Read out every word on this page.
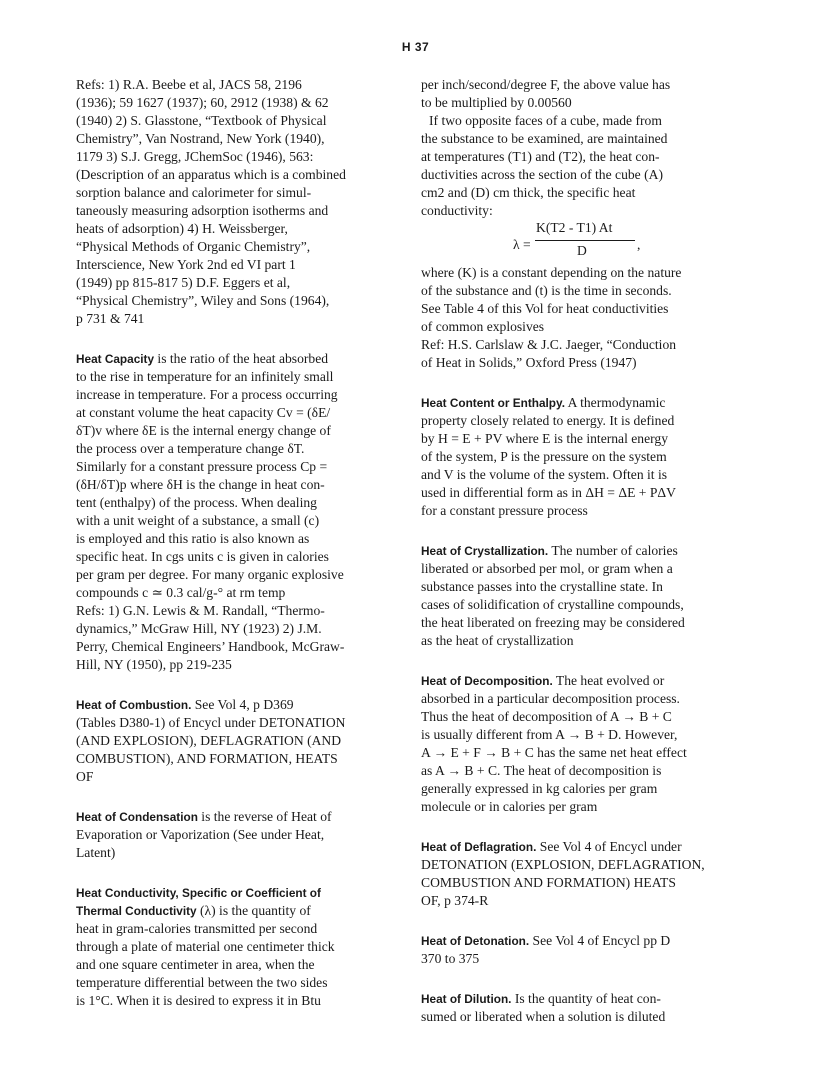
H 37

Refs: 1) R.A. Beebe et al, JACS 58, 2196

(1936); 59 1627 (1937); 60, 2912 (1938) & 62

(1940) 2) S. Glasstone, “Textbook of Physical

Chemistry”, Van Nostrand, New York (1940),

1179 3) S.J. Gregg, JChemSoc (1946), 563:

(Description of an apparatus which is a combined

sorption balance and calorimeter for simul-

taneously measuring adsorption isotherms and

heats of adsorption) 4) H. Weissberger,

“Physical Methods of Organic Chemistry”,

Interscience, New York 2nd ed VI part 1

(1949) pp 815-817 5) D.F. Eggers et al,

“Physical Chemistry”, Wiley and Sons (1964),

p 731 & 741

Heat Capacity is the ratio of the heat absorbed

to the rise in temperature for an infinitely small

increase in temperature. For a process occurring

at constant volume the heat capacity Cv = (δE/

δT)v where δE is the internal energy change of

the process over a temperature change δT.

Similarly for a constant pressure process Cp =

(δH/δT)p where δH is the change in heat con-

tent (enthalpy) of the process. When dealing

with a unit weight of a substance, a small (c)

is employed and this ratio is also known as

specific heat. In cgs units c is given in calories

per gram per degree. For many organic explosive

compounds c ≃ 0.3 cal/g-° at rm temp

Refs: 1) G.N. Lewis & M. Randall, “Thermo-

dynamics,” McGraw Hill, NY (1923) 2) J.M.

Perry, Chemical Engineers’ Handbook, McGraw-

Hill, NY (1950), pp 219-235

Heat of Combustion. See Vol 4, p D369

(Tables D380-1) of Encycl under DETONATION

(AND EXPLOSION), DEFLAGRATION (AND

COMBUSTION), AND FORMATION, HEATS

OF

Heat of Condensation is the reverse of Heat of

Evaporation or Vaporization (See under Heat,

Latent)

Heat Conductivity, Specific or Coefficient of

Thermal Conductivity (λ) is the quantity of

heat in gram-calories transmitted per second

through a plate of material one centimeter thick

and one square centimeter in area, when the

temperature differential between the two sides

is 1°C. When it is desired to express it in Btu

per inch/second/degree F, the above value has

to be multiplied by 0.00560

If two opposite faces of a cube, made from

the substance to be examined, are maintained

at temperatures (T1) and (T2), the heat con-

ductivities across the section of the cube (A)

cm2 and (D) cm thick, the specific heat

conductivity:

λ =
K(T2 - T1) At
D	,

where (K) is a constant depending on the nature

of the substance and (t) is the time in seconds.

See Table 4 of this Vol for heat conductivities

of common explosives

Ref: H.S. Carlslaw & J.C. Jaeger, “Conduction

of Heat in Solids,” Oxford Press (1947)

Heat Content or Enthalpy. A thermodynamic

property closely related to energy. It is defined

by H = E + PV where E is the internal energy

of the system, P is the pressure on the system

and V is the volume of the system. Often it is

used in differential form as in ΔH = ΔE + PΔV

for a constant pressure process

Heat of Crystallization. The number of calories

liberated or absorbed per mol, or gram when a

substance passes into the crystalline state. In

cases of solidification of crystalline compounds,

the heat liberated on freezing may be considered

as the heat of crystallization

Heat of Decomposition. The heat evolved or

absorbed in a particular decomposition process.

Thus the heat of decomposition of A → B + C

is usually different from A → B + D. However,

A → E + F → B + C has the same net heat effect

as A → B + C. The heat of decomposition is

generally expressed in kg calories per gram

molecule or in calories per gram

Heat of Deflagration. See Vol 4 of Encycl under

DETONATION (EXPLOSION, DEFLAGRATION,

COMBUSTION AND FORMATION) HEATS

OF, p 374-R

Heat of Detonation. See Vol 4 of Encycl pp D

370 to 375

Heat of Dilution. Is the quantity of heat con-

sumed or liberated when a solution is diluted
